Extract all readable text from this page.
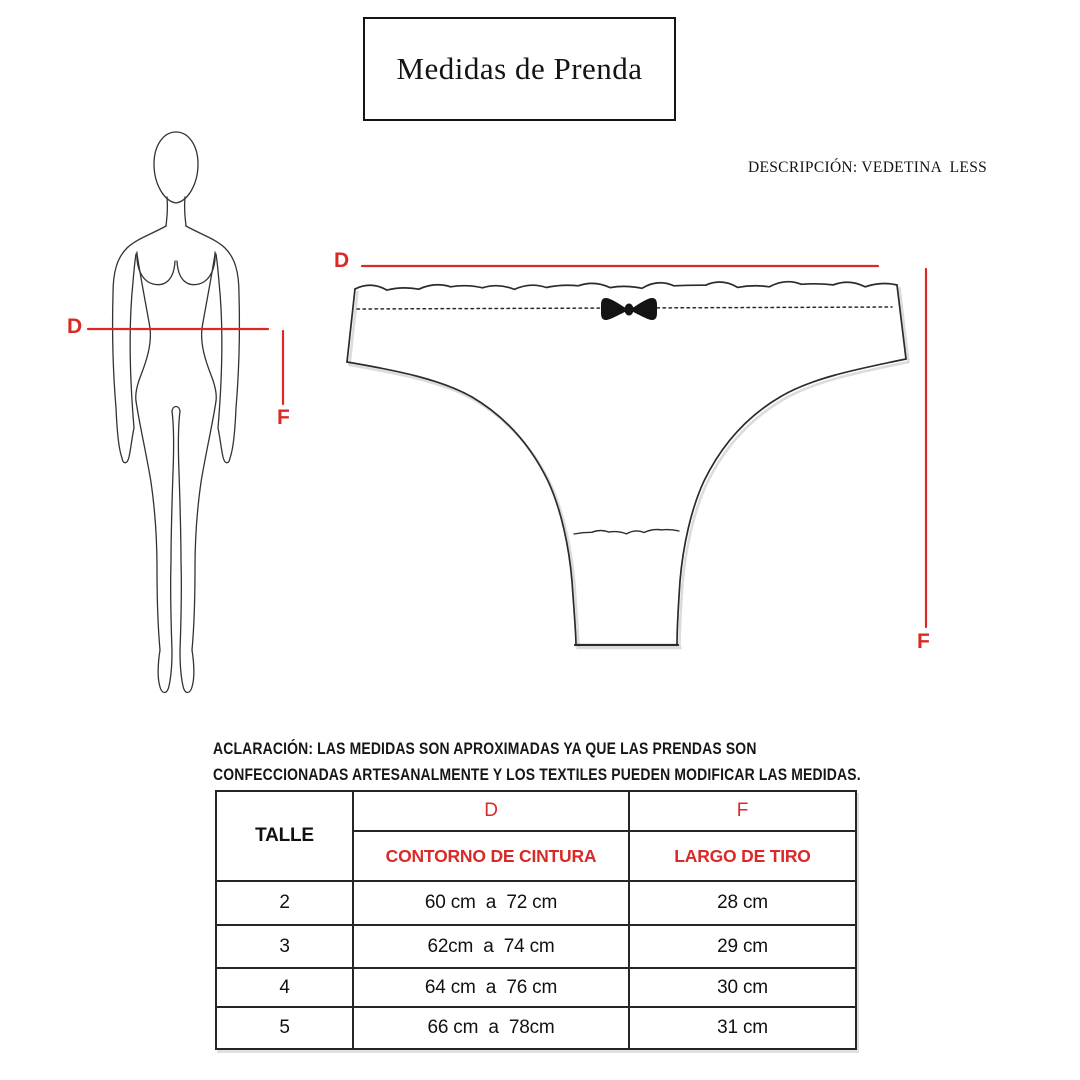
Medidas de Prenda
DESCRIPCIÓN: VEDETINA  LESS
D
F
D
F
ACLARACIÓN: LAS MEDIDAS SON APROXIMADAS YA QUE LAS PRENDAS SON CONFECCIONADAS ARTESANALMENTE Y LOS TEXTILES PUEDEN MODIFICAR LAS MEDIDAS.
TALLE
D	F
CONTORNO DE CINTURA	LARGO DE TIRO
2	60 cm  a  72 cm	28 cm
3	62cm  a  74 cm	29 cm
4	64 cm  a  76 cm	30 cm
5	66 cm  a  78cm	31 cm
